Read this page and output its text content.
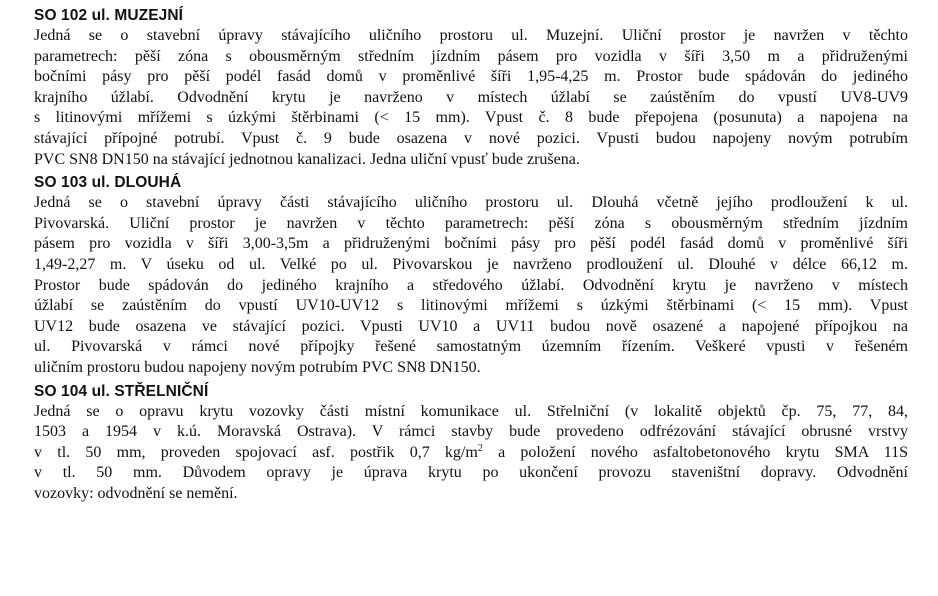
SO 102 ul. MUZEJNÍ

Jedná se o stavební úpravy stávajícího uličního prostoru ul. Muzejní. Uliční prostor je navržen v těchto

parametrech: pěší zóna s obousměrným středním jízdním pásem pro vozidla v šíři 3,50 m a přidruženými

bočními pásy pro pěší podél fasád domů v proměnlivé šíři 1,95-4,25 m. Prostor bude spádován do jediného

krajního úžlabí. Odvodnění krytu je navrženo v místech úžlabí se zaústěním do vpustí UV8-UV9

s litinovými mřížemi s úzkými štěrbinami (< 15 mm). Vpust č. 8 bude přepojena (posunuta) a napojena na

stávající přípojné potrubí. Vpust č. 9 bude osazena v nové pozici. Vpusti budou napojeny novým potrubím

PVC SN8 DN150 na stávající jednotnou kanalizaci. Jedna uliční vpusť bude zrušena.

SO 103 ul. DLOUHÁ

Jedná se o stavební úpravy části stávajícího uličního prostoru ul. Dlouhá včetně jejího prodloužení k ul.

Pivovarská. Uliční prostor je navržen v těchto parametrech: pěší zóna s obousměrným středním jízdním

pásem pro vozidla v šíři 3,00-3,5m a přidruženými bočními pásy pro pěší podél fasád domů v proměnlivé šíři

1,49-2,27 m. V úseku od ul. Velké po ul. Pivovarskou je navrženo prodloužení ul. Dlouhé v délce 66,12 m.

Prostor bude spádován do jediného krajního a středového úžlabí. Odvodnění krytu je navrženo v místech

úžlabí se zaústěním do vpustí UV10-UV12 s litinovými mřížemi s úzkými štěrbinami (< 15 mm). Vpust

UV12 bude osazena ve stávající pozici. Vpusti UV10 a UV11 budou nově osazené a napojené přípojkou na

ul. Pivovarská v rámci nové přípojky řešené samostatným územním řízením. Veškeré vpusti v řešeném

uličním prostoru budou napojeny novým potrubím PVC SN8 DN150.

SO 104 ul. STŘELNIČNÍ

Jedná se o opravu krytu vozovky části místní komunikace ul. Střelniční (v lokalitě objektů čp. 75, 77, 84,

1503 a 1954 v k.ú. Moravská Ostrava). V rámci stavby bude provedeno odfrézování stávající obrusné vrstvy

v tl. 50 mm, proveden spojovací asf. postřik 0,7 $kg/m^2$ a položení nového asfaltobetonového krytu SMA 11S

v tl. 50 mm. Důvodem opravy je úprava krytu po ukončení provozu staveništní dopravy. Odvodnění

vozovky: odvodnění se nemění.
